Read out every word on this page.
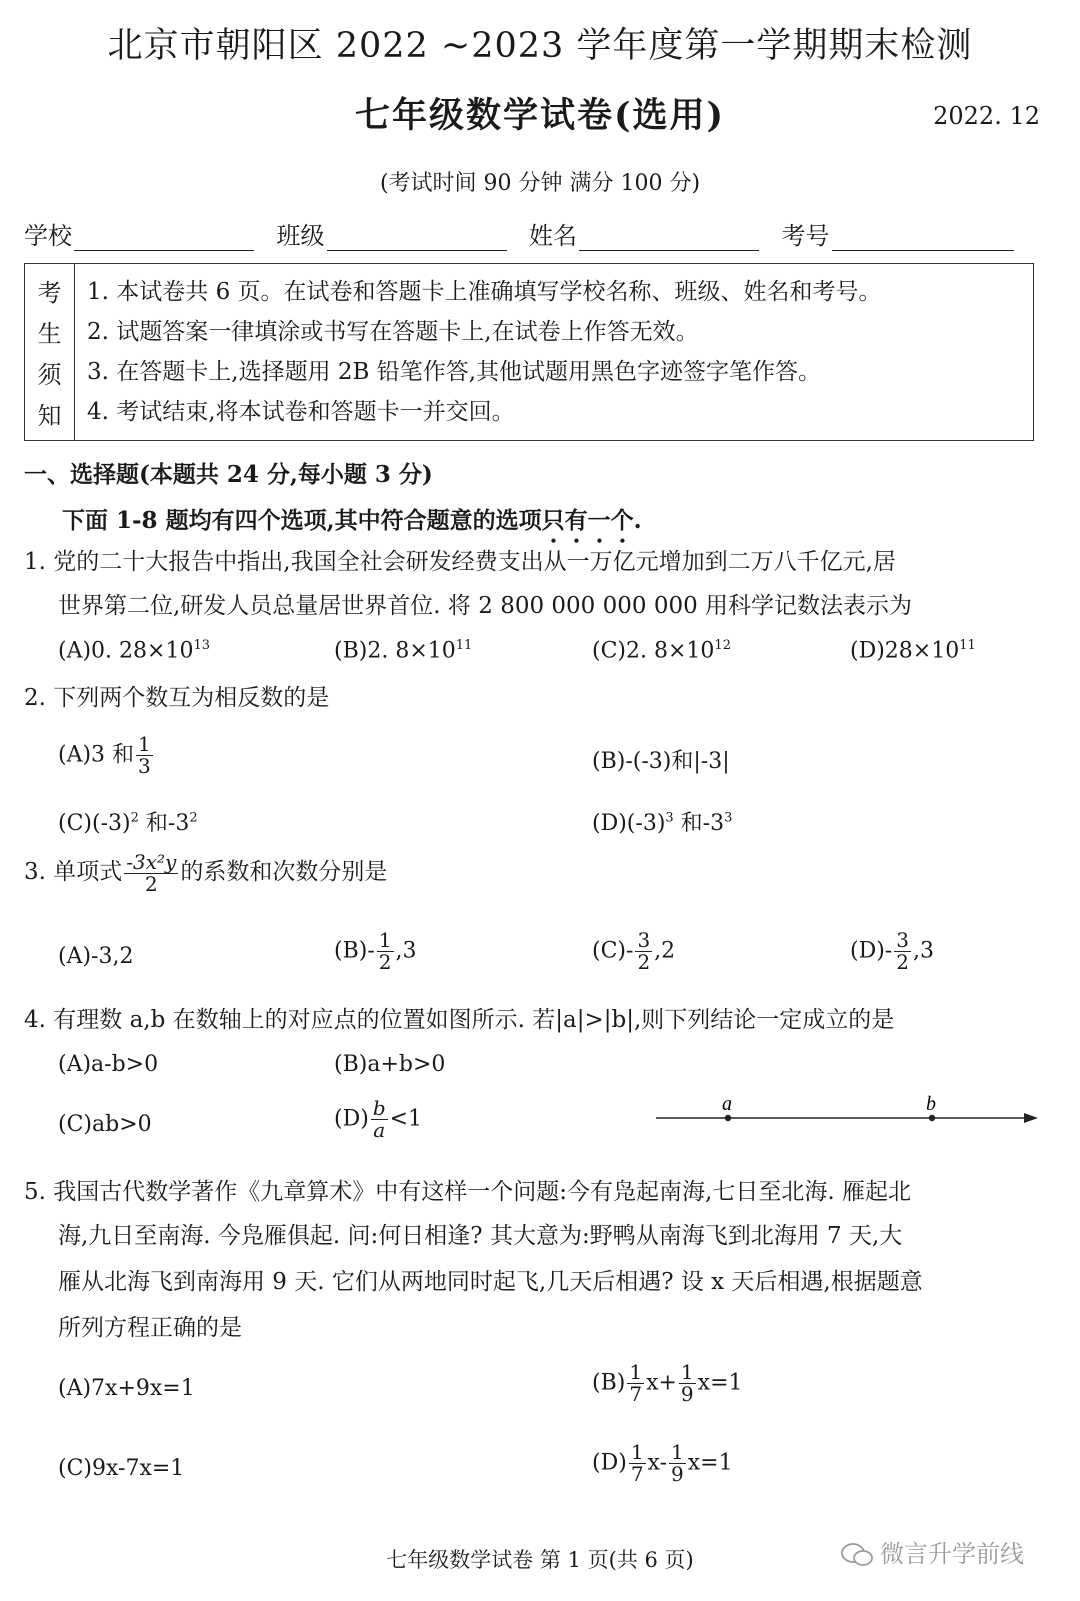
北京市朝阳区 2022 ~2023 学年度第一学期期末检测
七年级数学试卷(选用)	2022. 12
(考试时间 90 分钟 满分 100 分)
学校	班级	姓名	考号
考
生
须
知
1. 本试卷共 6 页。在试卷和答题卡上准确填写学校名称、班级、姓名和考号。
2. 试题答案一律填涂或书写在答题卡上,在试卷上作答无效。
3. 在答题卡上,选择题用 2B 铅笔作答,其他试题用黑色字迹签字笔作答。
4. 考试结束,将本试卷和答题卡一并交回。
一、选择题(本题共 24 分,每小题 3 分)
下面 1-8 题均有四个选项,其中符合题意的选项只有一个.
1. 党的二十大报告中指出,我国全社会研发经费支出从一万亿元增加到二万八千亿元,居
世界第二位,研发人员总量居世界首位. 将 2 800 000 000 000 用科学记数法表示为
(A)0. $28\times 10^{13}$	(B)2. $8\times 10^{11}$	(C)2. $8\times 10^{12}$	$(D)28\times 10^{11}$
2. 下列两个数互为相反数的是
(A)3 和 $\frac{1}{3}$	(B)-(-3)和|-3|
$(C)(-3)^2$ 和$-3^2$	$(D)(-3)^3$ 和$-3^3$
3. 单项式 $\frac{\text{-3x²y}}{2}$ 的系数和次数分别是
(A)-3,2	$(B)- \frac{1}{2} ,3$	$(C)- \frac{3}{2} ,2$	$(D)- \frac{3}{2} ,3$
4. 有理数 a,b 在数轴上的对应点的位置如图所示. 若|a|>|b|,则下列结论一定成立的是
(A)a-b>0	(B)a+b>0
(C)ab>0	$(D) \frac{b}{a} <1$
a	b
5. 我国古代数学著作《九章算术》中有这样一个问题:今有凫起南海,七日至北海. 雁起北
海,九日至南海. 今凫雁俱起. 问:何日相逢? 其大意为:野鸭从南海飞到北海用 7 天,大
雁从北海飞到南海用 9 天. 它们从两地同时起飞,几天后相遇? 设 x 天后相遇,根据题意
所列方程正确的是
(A)7x+9x=1	$(B) \frac{1}{7} x+ \frac{1}{9} x=1$
(C)9x-7x=1	$(D) \frac{1}{7} x- \frac{1}{9} x=1$
七年级数学试卷 第 1 页(共 6 页)	微言升学前线
